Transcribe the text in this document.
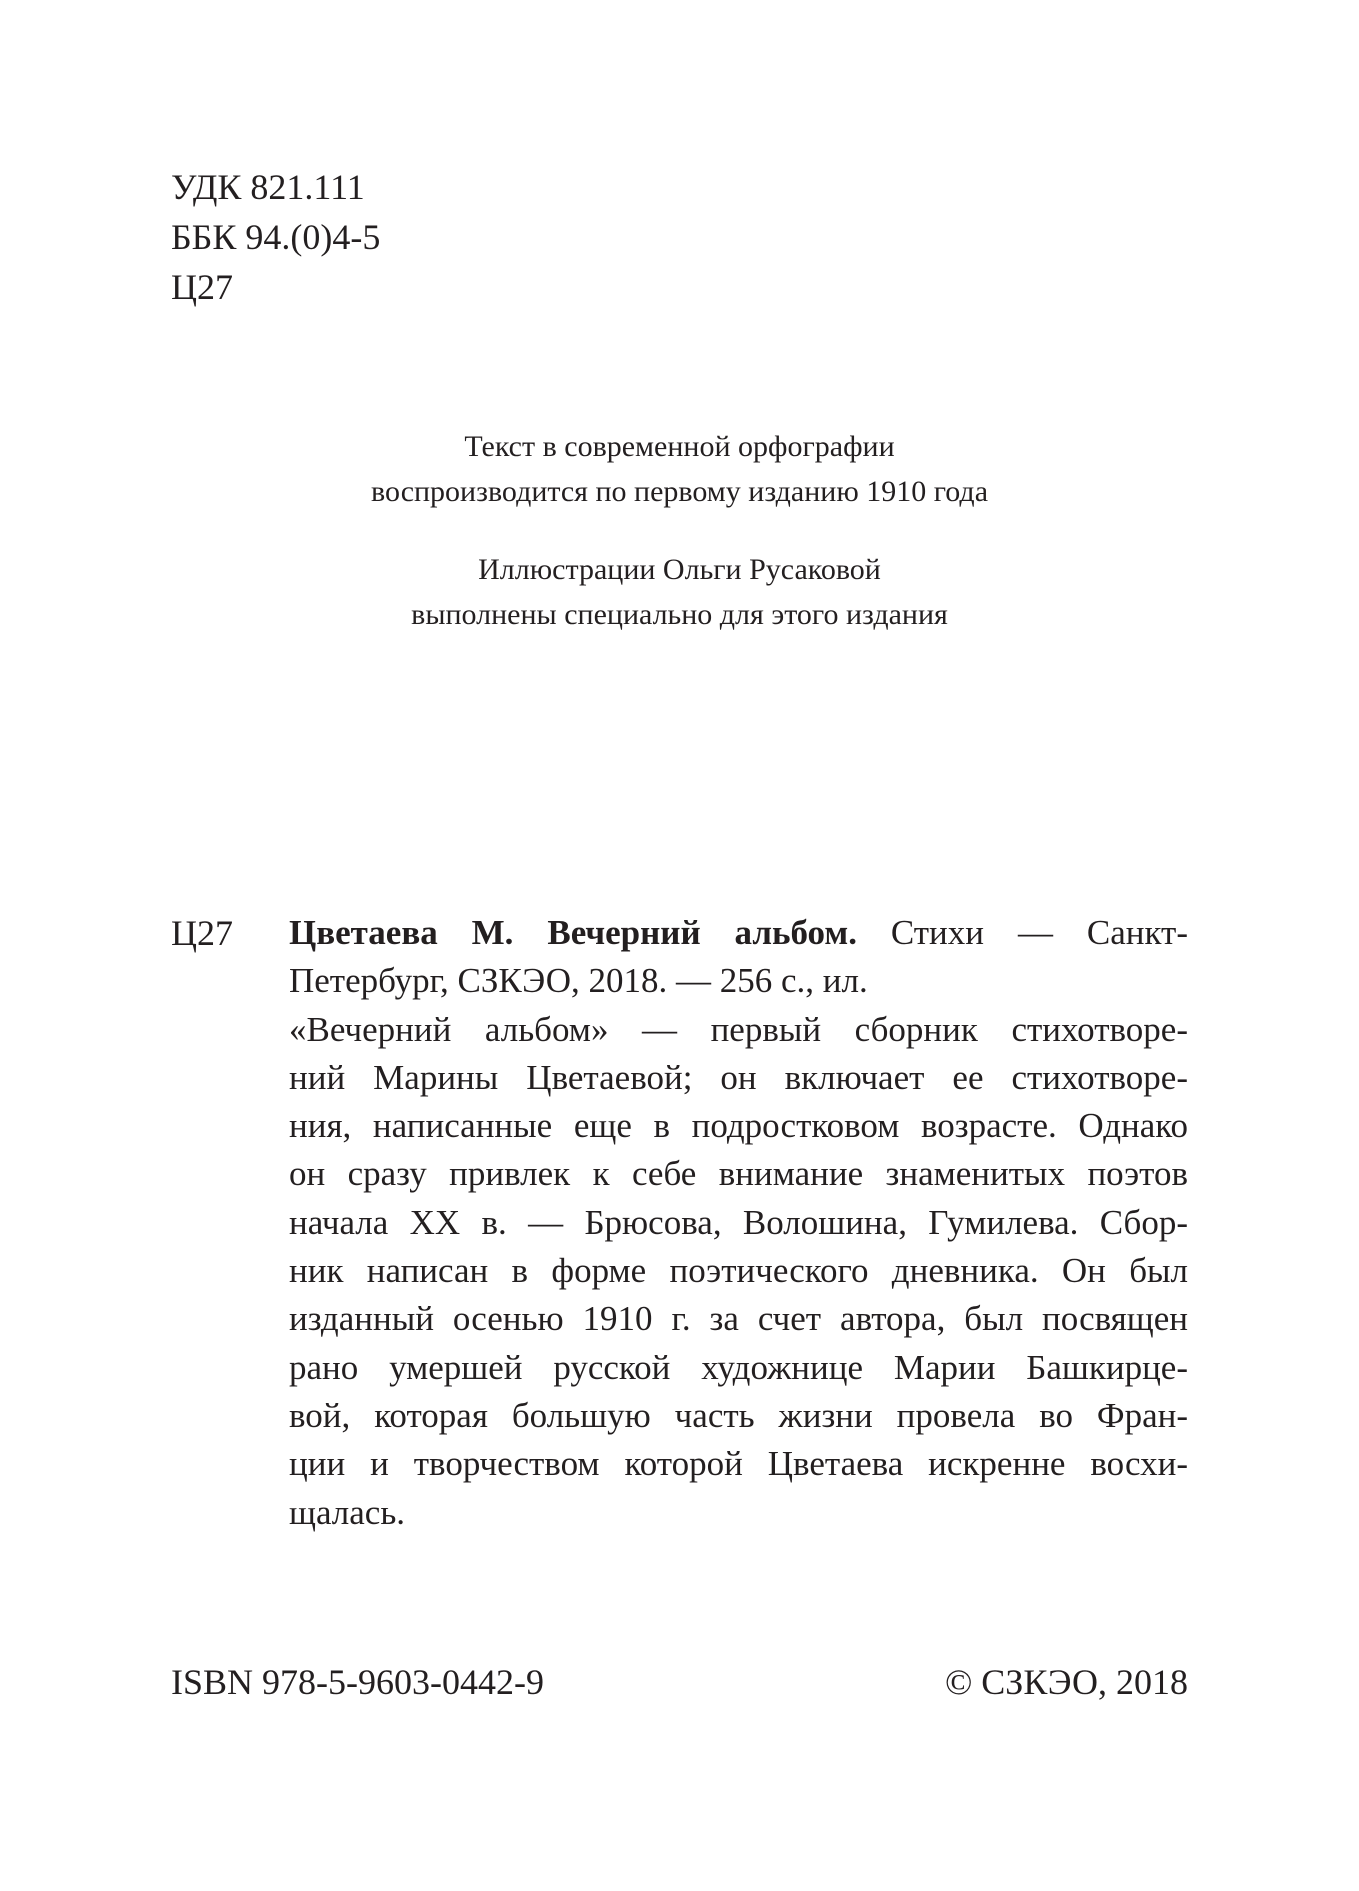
УДК 821.111
ББК 94.(0)4-5
Ц27
Текст в современной орфографии
воспроизводится по первому изданию 1910 года
Иллюстрации Ольги Русаковой
выполнены специально для этого издания
Ц27 Цветаева М. Вечерний альбом. Стихи — Санкт-
Петербург, СЗКЭО, 2018. — 256 с., ил.
«Вечерний альбом» — первый сборник стихотворе-
ний Марины Цветаевой; он включает ее стихотворе-
ния, написанные еще в подростковом возрасте. Однако
он сразу привлек к себе внимание знаменитых поэтов
начала XX в. — Брюсова, Волошина, Гумилева. Сбор-
ник написан в форме поэтического дневника. Он был
изданный осенью 1910 г. за счет автора, был посвящен
рано умершей русской художнице Марии Башкирце-
вой, которая большую часть жизни провела во Фран-
ции и творчеством которой Цветаева искренне восхи-
щалась.
ISBN 978-5-9603-0442-9	© СЗКЭО, 2018
